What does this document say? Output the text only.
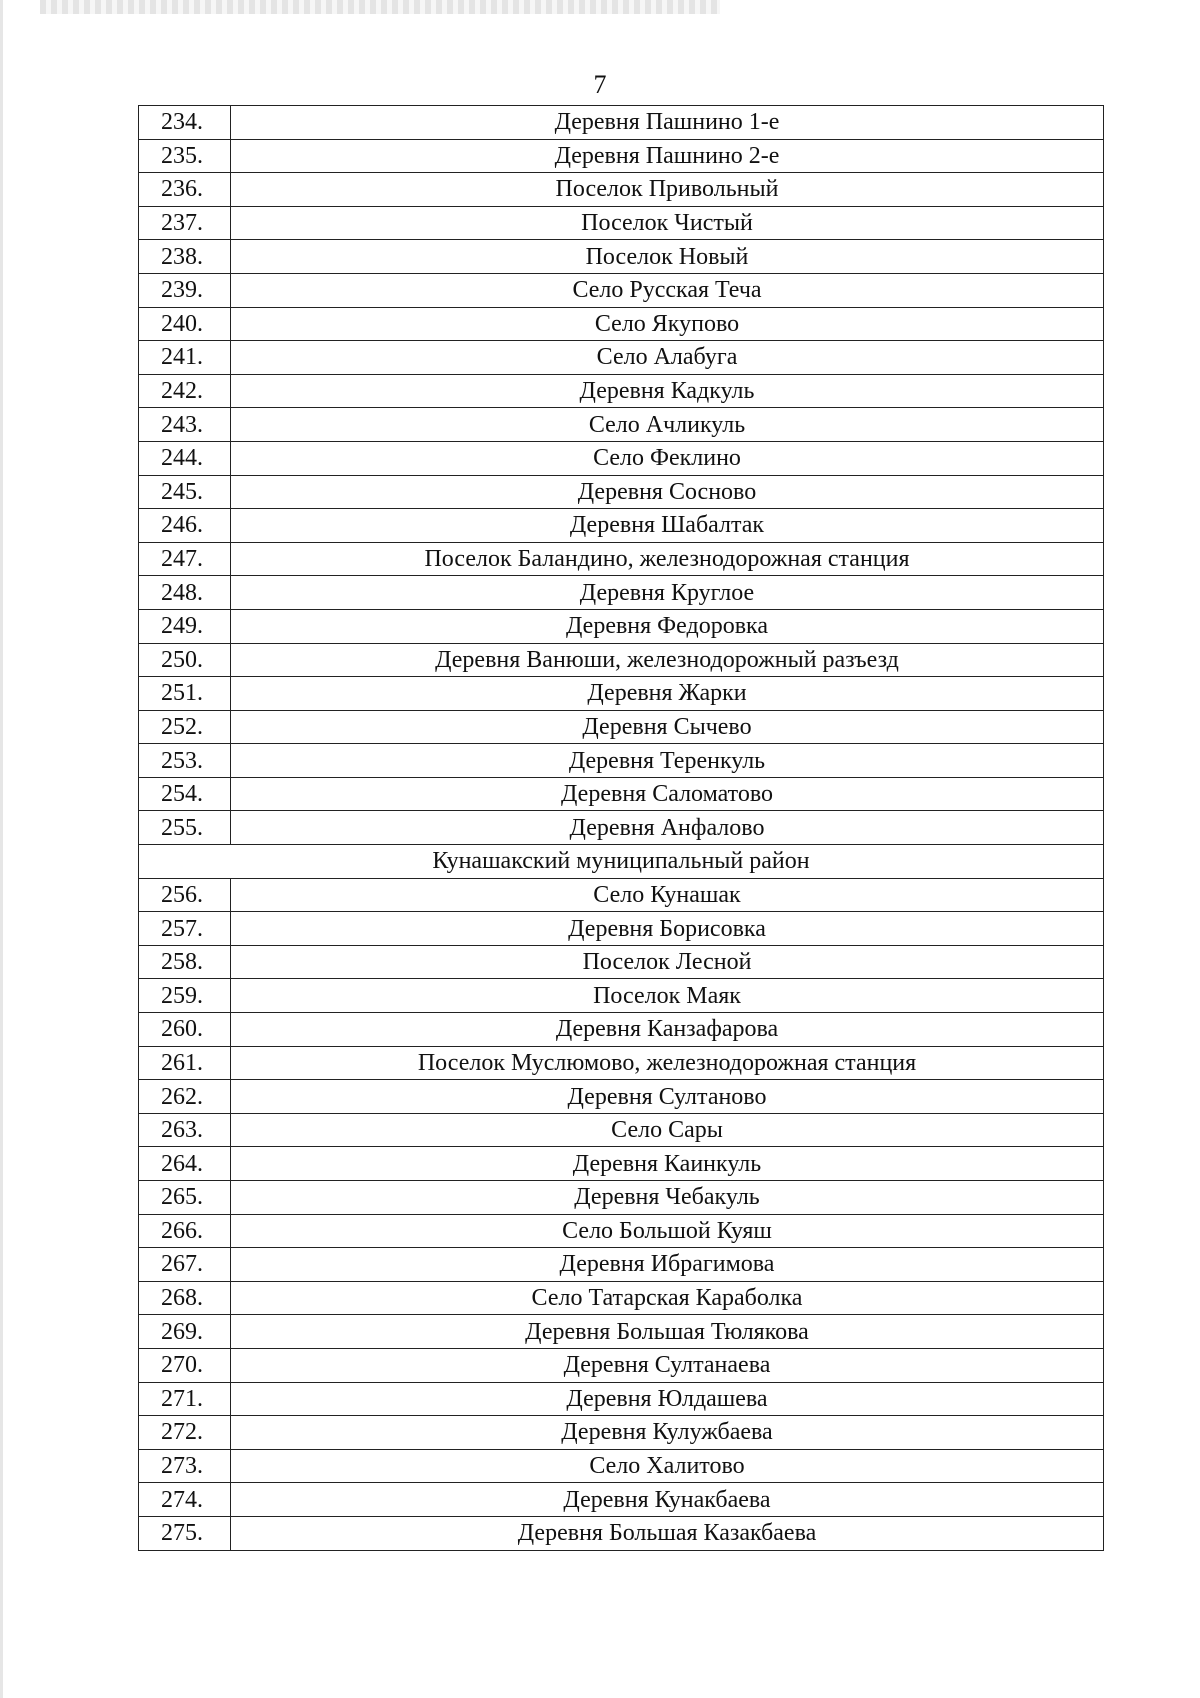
7
234.	Деревня Пашнино 1-е
235.	Деревня Пашнино 2-е
236.	Поселок Привольный
237.	Поселок Чистый
238.	Поселок Новый
239.	Село Русская Теча
240.	Село Якупово
241.	Село Алабуга
242.	Деревня Кадкуль
243.	Село Ачликуль
244.	Село Феклино
245.	Деревня Сосново
246.	Деревня Шабалтак
247.	Поселок Баландино, железнодорожная станция
248.	Деревня Круглое
249.	Деревня Федоровка
250.	Деревня Ванюши, железнодорожный разъезд
251.	Деревня Жарки
252.	Деревня Сычево
253.	Деревня Теренкуль
254.	Деревня Саломатово
255.	Деревня Анфалово
Кунашакский муниципальный район	
256.	Село Кунашак
257.	Деревня Борисовка
258.	Поселок Лесной
259.	Поселок Маяк
260.	Деревня Канзафарова
261.	Поселок Муслюмово, железнодорожная станция
262.	Деревня Султаново
263.	Село Сары
264.	Деревня Каинкуль
265.	Деревня Чебакуль
266.	Село Большой Куяш
267.	Деревня Ибрагимова
268.	Село Татарская Караболка
269.	Деревня Большая Тюлякова
270.	Деревня Султанаева
271.	Деревня Юлдашева
272.	Деревня Кулужбаева
273.	Село Халитово
274.	Деревня Кунакбаева
275.	Деревня Большая Казакбаева
